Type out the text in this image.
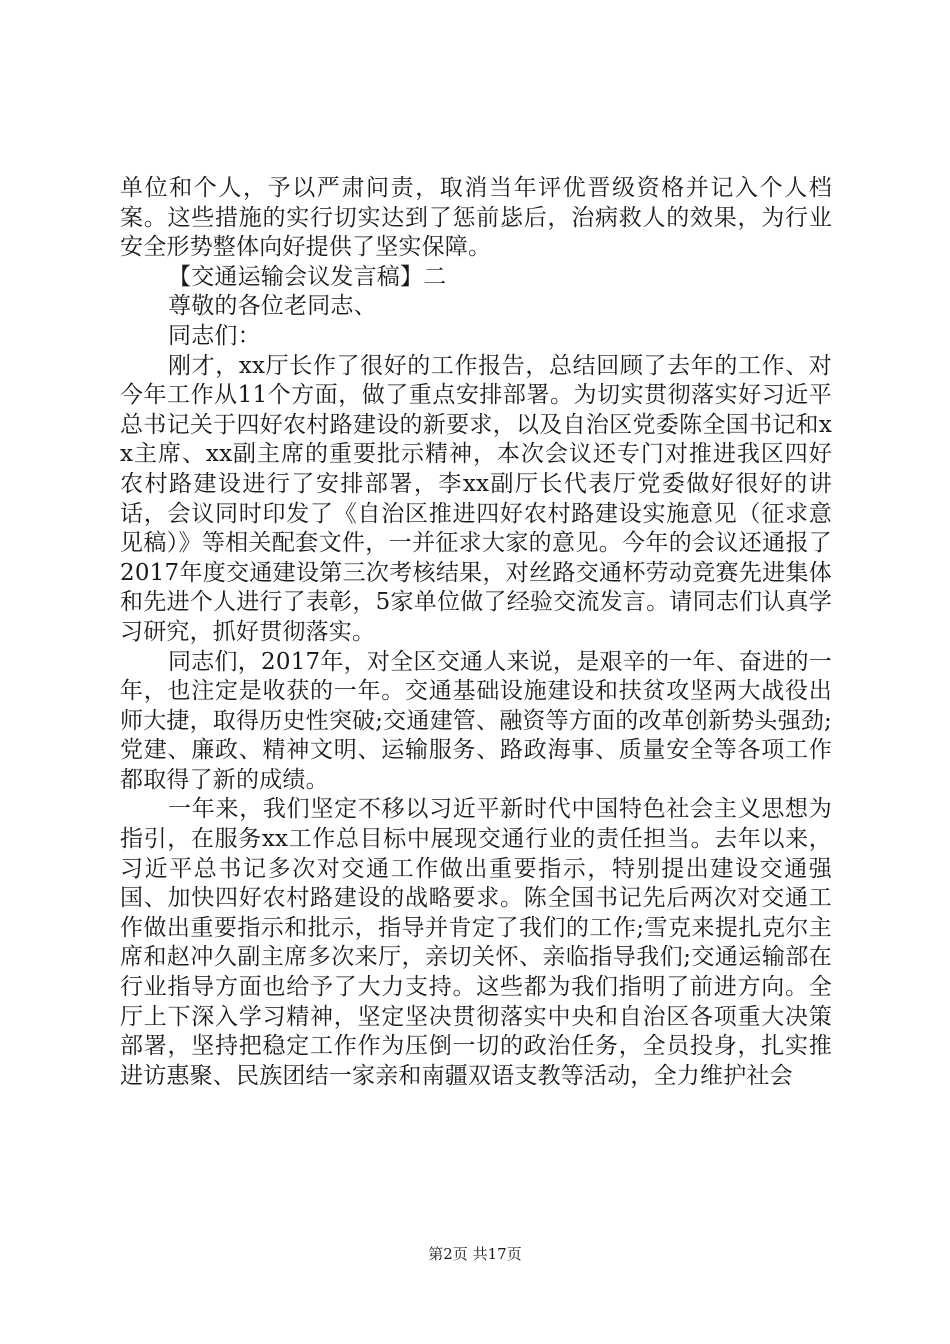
单位和个人，予以严肃问责，取消当年评优晋级资格并记入个人档案。这些措施的实行切实达到了惩前毖后，治病救人的效果，为行业安全形势整体向好提供了坚实保障。

【交通运输会议发言稿】二

尊敬的各位老同志、

同志们：

刚才，xx厅长作了很好的工作报告，总结回顾了去年的工作、对今年工作从11个方面，做了重点安排部署。为切实贯彻落实好习近平总书记关于四好农村路建设的新要求，以及自治区党委陈全国书记和xx主席、xx副主席的重要批示精神，本次会议还专门对推进我区四好农村路建设进行了安排部署，李xx副厅长代表厅党委做好很好的讲话，会议同时印发了《自治区推进四好农村路建设实施意见（征求意见稿）》等相关配套文件，一并征求大家的意见。今年的会议还通报了2017年度交通建设第三次考核结果，对丝路交通杯劳动竞赛先进集体和先进个人进行了表彰，5家单位做了经验交流发言。请同志们认真学习研究，抓好贯彻落实。

同志们，2017年，对全区交通人来说，是艰辛的一年、奋进的一年，也注定是收获的一年。交通基础设施建设和扶贫攻坚两大战役出师大捷，取得历史性突破;交通建管、融资等方面的改革创新势头强劲;党建、廉政、精神文明、运输服务、路政海事、质量安全等各项工作都取得了新的成绩。

一年来，我们坚定不移以习近平新时代中国特色社会主义思想为指引，在服务xx工作总目标中展现交通行业的责任担当。去年以来，习近平总书记多次对交通工作做出重要指示，特别提出建设交通强国、加快四好农村路建设的战略要求。陈全国书记先后两次对交通工作做出重要指示和批示，指导并肯定了我们的工作;雪克来提扎克尔主席和赵冲久副主席多次来厅，亲切关怀、亲临指导我们;交通运输部在行业指导方面也给予了大力支持。这些都为我们指明了前进方向。全厅上下深入学习精神，坚定坚决贯彻落实中央和自治区各项重大决策部署，坚持把稳定工作作为压倒一切的政治任务，全员投身，扎实推进访惠聚、民族团结一家亲和南疆双语支教等活动，全力维护社会

第2页 共17页
